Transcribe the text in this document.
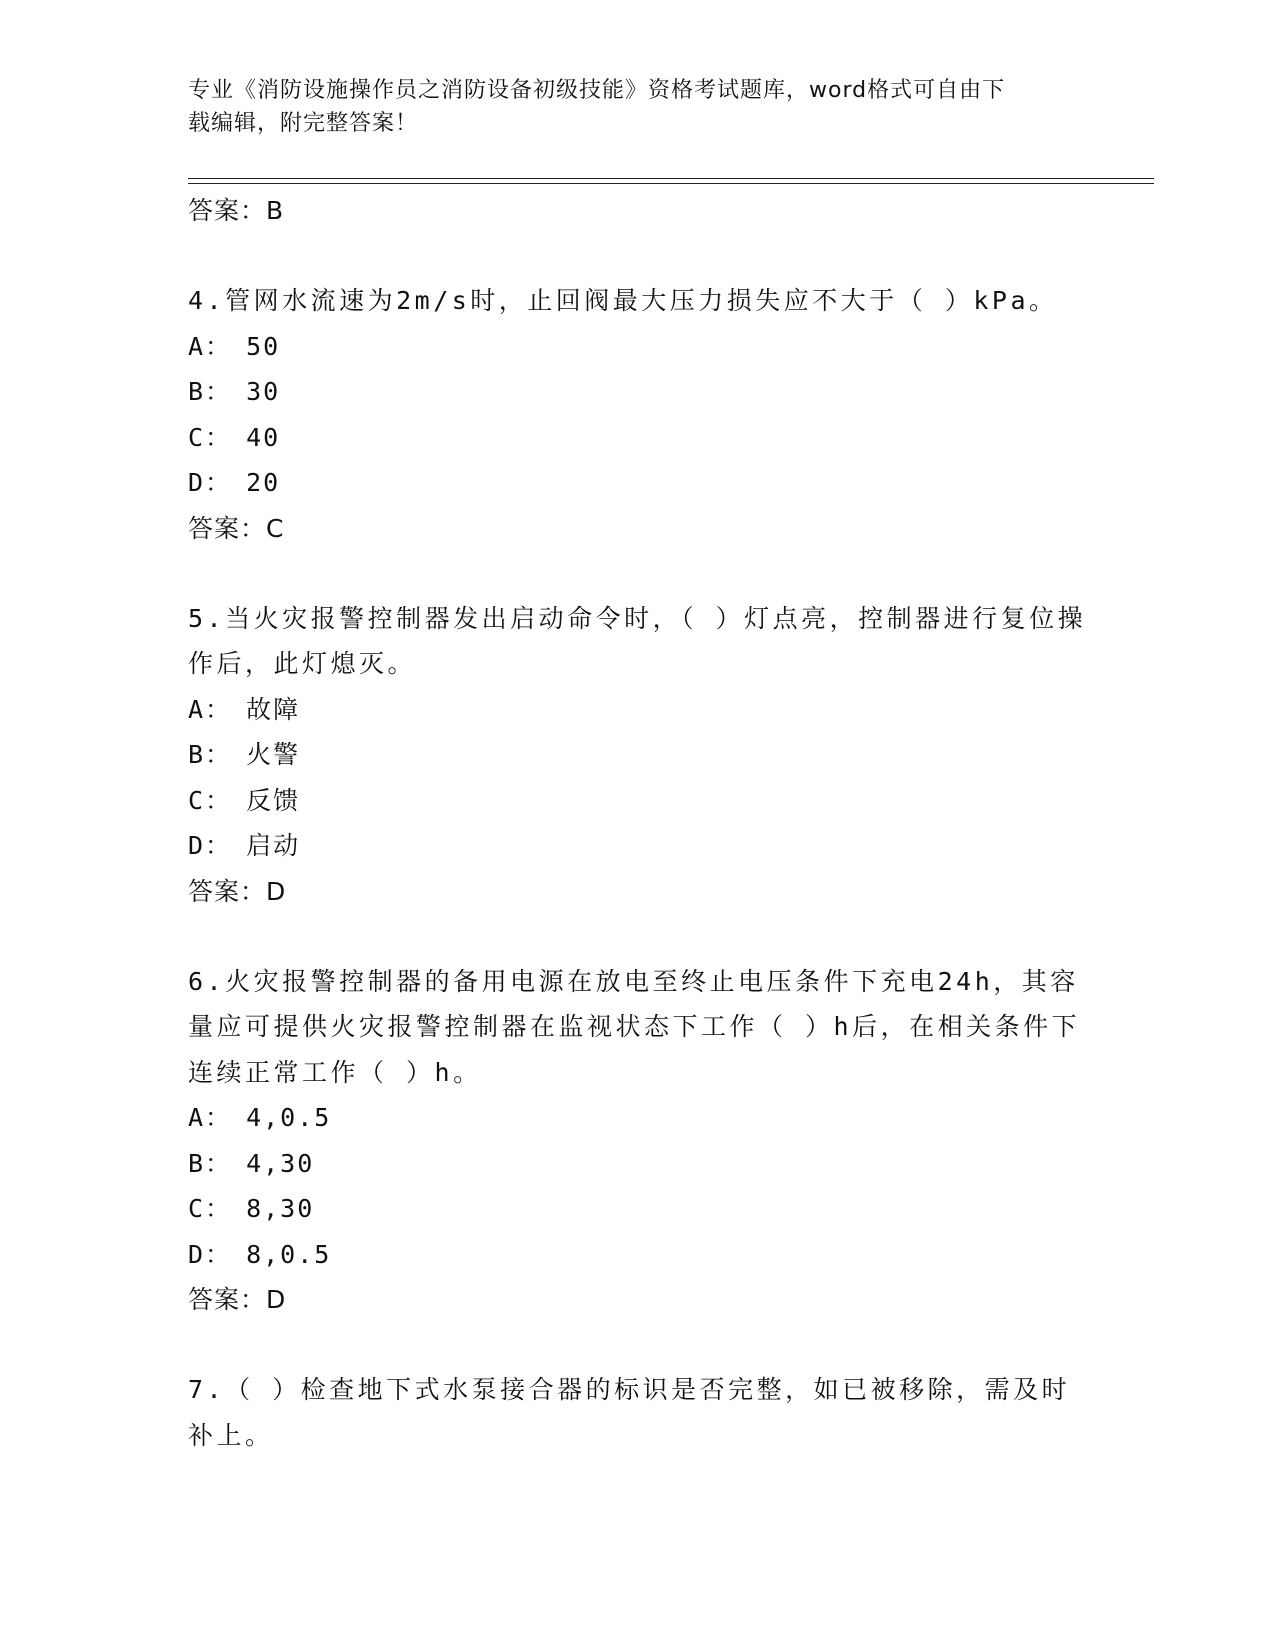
专业《消防设施操作员之消防设备初级技能》资格考试题库，word格式可自由下
载编辑，附完整答案！
答案：B
4.管网水流速为2m/s时，止回阀最大压力损失应不大于（ ）kPa。
A： 50
B： 30
C： 40
D： 20
答案：C
5.当火灾报警控制器发出启动命令时，（ ）灯点亮，控制器进行复位操作后，此灯熄灭。
A： 故障
B： 火警
C： 反馈
D： 启动
答案：D
6.火灾报警控制器的备用电源在放电至终止电压条件下充电24h，其容量应可提供火灾报警控制器在监视状态下工作（ ）h后，在相关条件下连续正常工作（ ）h。
A： 4,0.5
B： 4,30
C： 8,30
D： 8,0.5
答案：D
7.（ ）检查地下式水泵接合器的标识是否完整，如已被移除，需及时补上。
